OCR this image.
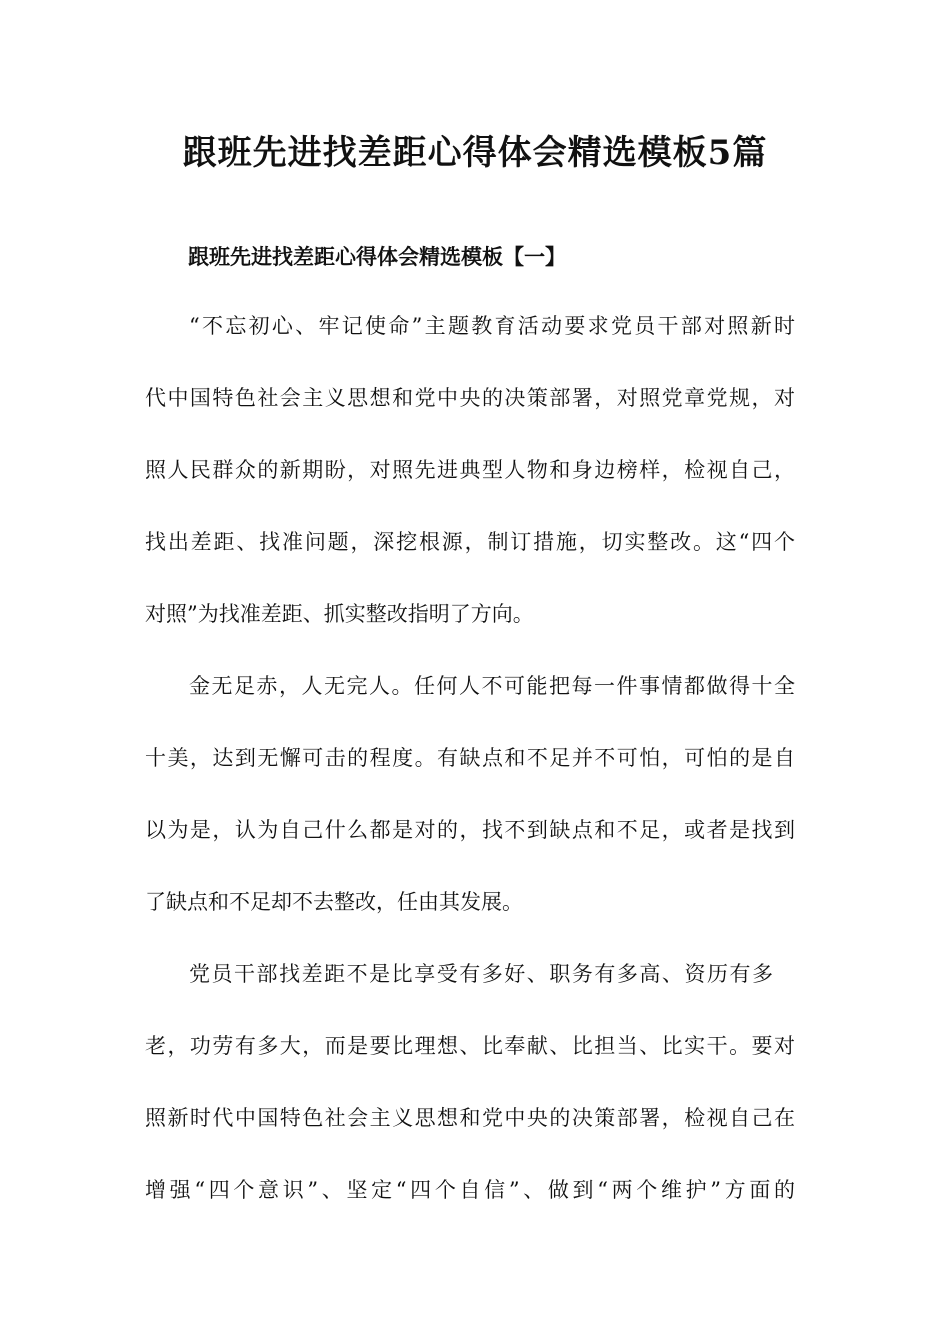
跟班先进找差距心得体会精选模板5篇
跟班先进找差距心得体会精选模板【一】
“不忘初心、牢记使命”主题教育活动要求党员干部对照新时
代中国特色社会主义思想和党中央的决策部署，对照党章党规，对
照人民群众的新期盼，对照先进典型人物和身边榜样，检视自己，
找出差距、找准问题，深挖根源，制订措施，切实整改。这“四个
对照”为找准差距、抓实整改指明了方向。
金无足赤，人无完人。任何人不可能把每一件事情都做得十全
十美，达到无懈可击的程度。有缺点和不足并不可怕，可怕的是自
以为是，认为自己什么都是对的，找不到缺点和不足，或者是找到
了缺点和不足却不去整改，任由其发展。
党员干部找差距不是比享受有多好、职务有多高、资历有多
老，功劳有多大，而是要比理想、比奉献、比担当、比实干。要对
照新时代中国特色社会主义思想和党中央的决策部署，检视自己在
增强“四个意识”、坚定“四个自信”、做到“两个维护”方面的
